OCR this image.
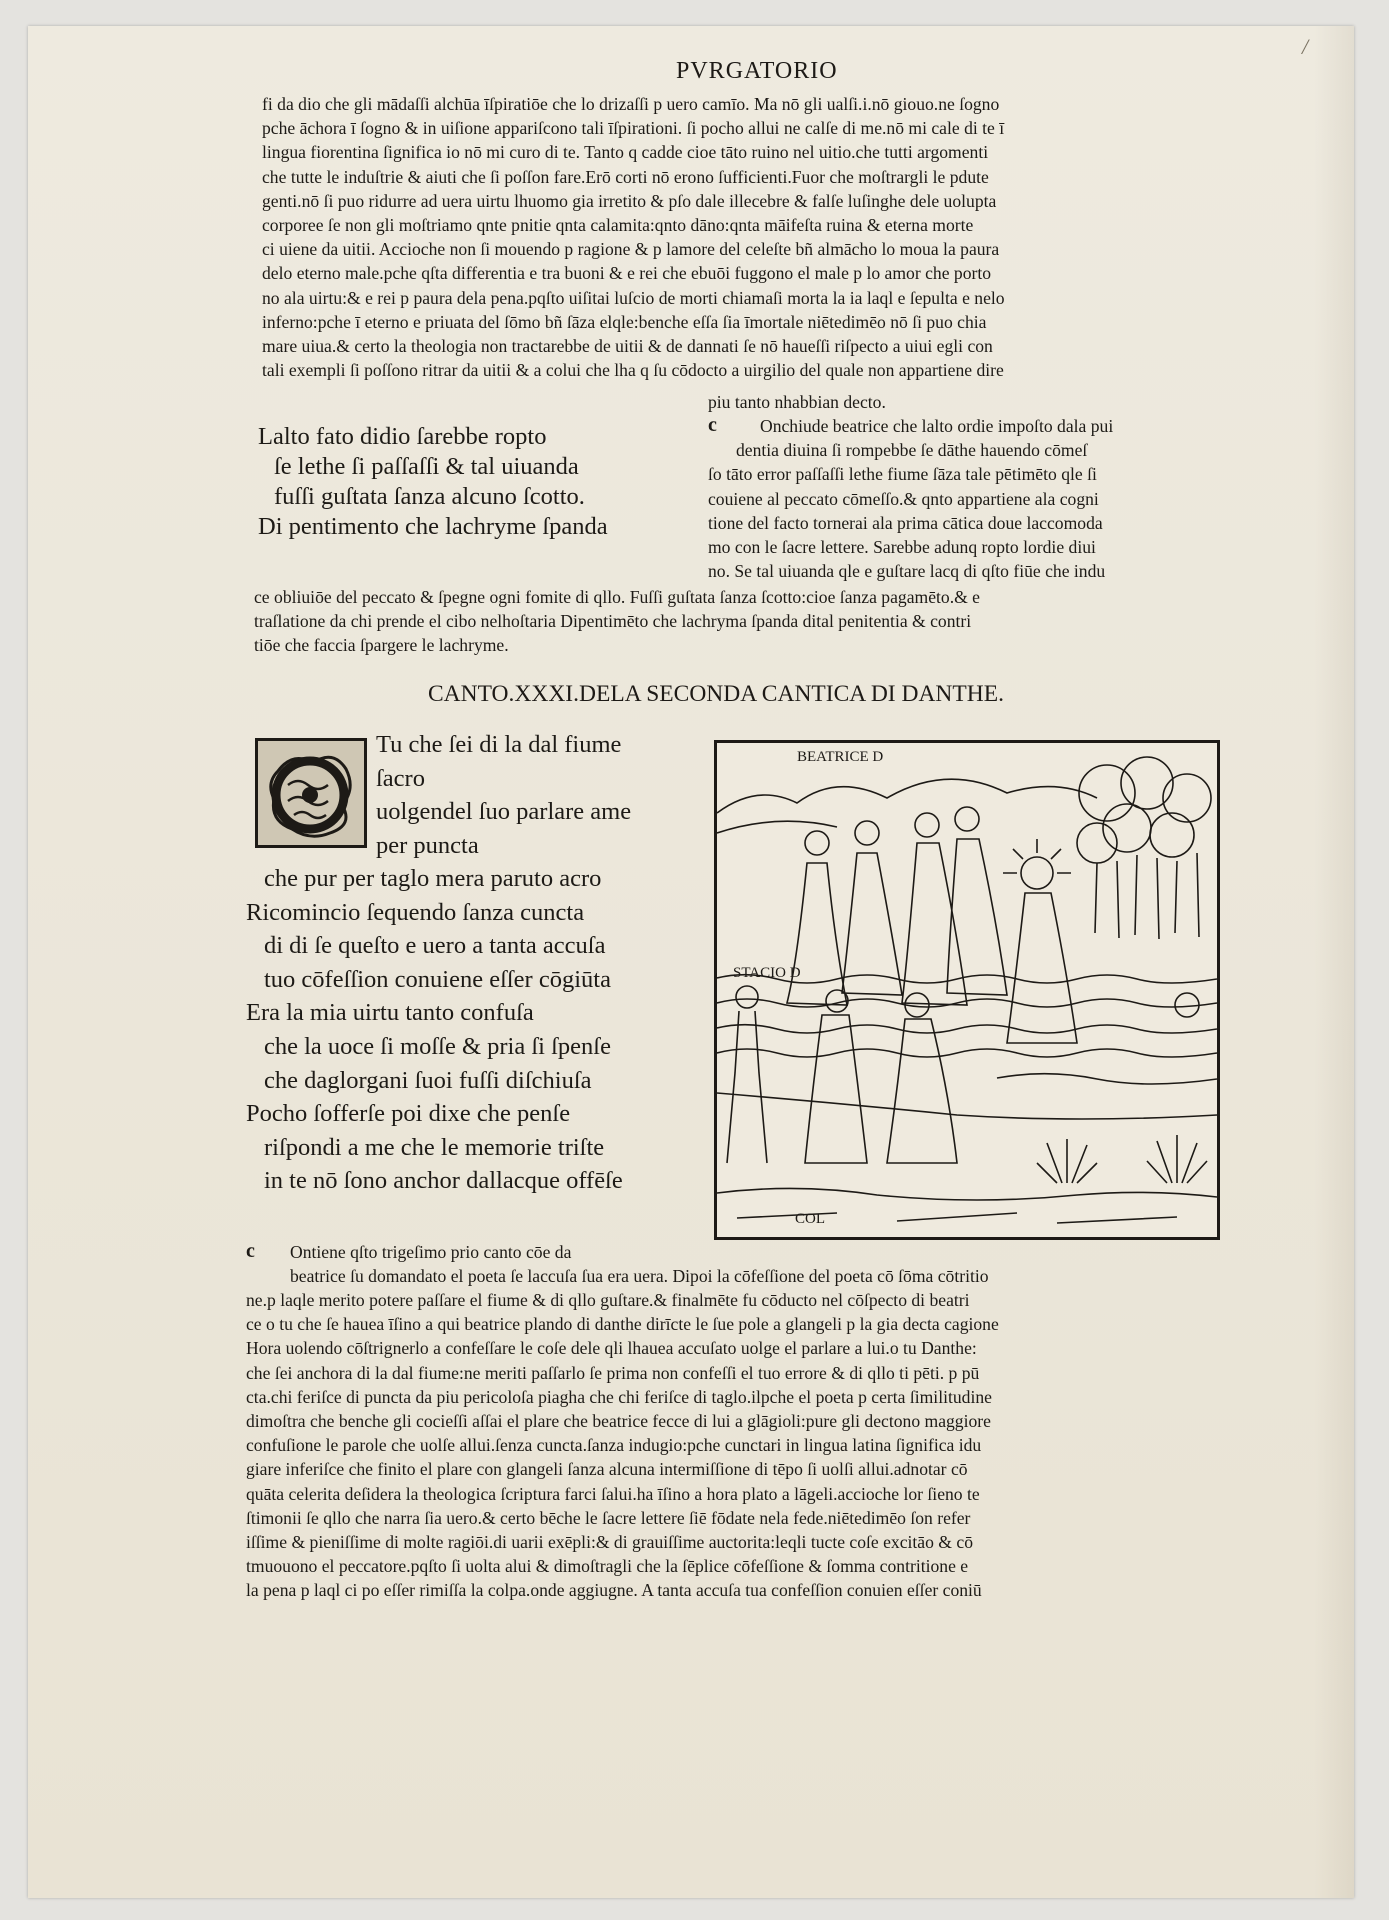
/
PVRGATORIO
fi da dio che gli mādaſſi alchūa īſpiratiōe che lo drizaſſi p uero camīo. Ma nō gli ualſi.i.nō giouo.ne ſogno
pche āchora ī ſogno & in uiſione appariſcono tali īſpirationi. ſi pocho allui ne calſe di me.nō mi cale di te ī
lingua fiorentina ſignifica io nō mi curo di te. Tanto q cadde cioe tāto ruino nel uitio.che tutti argomenti
che tutte le induſtrie & aiuti che ſi poſſon fare.Erō corti nō erono ſufficienti.Fuor che moſtrargli le pdute
genti.nō ſi puo ridurre ad uera uirtu lhuomo gia irretito & pſo dale illecebre & falſe luſinghe dele uolupta
corporee ſe non gli moſtriamo qnte pnitie qnta calamita:qnto dāno:qnta māifeſta ruina & eterna morte
ci uiene da uitii. Accioche non ſi mouendo p ragione & p lamore del celeſte bñ almācho lo moua la paura
delo eterno male.pche qſta differentia e tra buoni & e rei che ebuōi fuggono el male p lo amor che porto
no ala uirtu:& e rei p paura dela pena.pqſto uiſitai luſcio de morti chiamaſi morta la ia laql e ſepulta e nelo
inferno:pche ī eterno e priuata del ſōmo bñ ſāza elqle:benche eſſa ſia īmortale niētedimēo nō ſi puo chia
mare uiua.& certo la theologia non tractarebbe de uitii & de dannati ſe nō haueſſi riſpecto a uiui egli con
tali exempli ſi poſſono ritrar da uitii & a colui che lha q ſu cōdocto a uirgilio del quale non appartiene dire
piu tanto nhabbian decto.
Lalto fato didio ſarebbe ropto
ſe lethe ſi paſſaſſi & tal uiuanda
fuſſi guſtata ſanza alcuno ſcotto.
Di pentimento che lachryme ſpanda
c	Onchiude beatrice che lalto ordie impoſto dala pui
dentia diuina ſi rompebbe ſe dāthe hauendo cōmeſ
ſo tāto error paſſaſſi lethe fiume ſāza tale pētimēto qle ſi
couiene al peccato cōmeſſo.& qnto appartiene ala cogni
tione del facto tornerai ala prima cātica doue laccomoda
mo con le ſacre lettere. Sarebbe adunq ropto lordie diui
no. Se tal uiuanda qle e guſtare lacq di qſto fiūe che indu
ce obliuiōe del peccato & ſpegne ogni fomite di qllo. Fuſſi guſtata ſanza ſcotto:cioe ſanza pagamēto.& e
traſlatione da chi prende el cibo nelhoſtaria Dipentimēto che lachryma ſpanda dital penitentia & contri
tiōe che faccia ſpargere le lachryme.
CANTO.XXXI.DELA SECONDA CANTICA DI DANTHE.
Tu che ſei di la dal fiume
ſacro
uolgendel ſuo parlare ame
per puncta
che pur per taglo mera paruto acro
Ricomincio ſequendo ſanza cuncta
di di ſe queſto e uero a tanta accuſa
tuo cōfeſſion conuiene eſſer cōgiūta
Era la mia uirtu tanto confuſa
che la uoce ſi moſſe & pria ſi ſpenſe
che daglorgani ſuoi fuſſi diſchiuſa
Pocho ſofferſe poi dixe che penſe
riſpondi a me che le memorie triſte
in te nō ſono anchor dallacque offēſe
BEATRICE D
STACIO D
COL
c	Ontiene qſto trigeſimo prio canto cōe da
beatrice ſu domandato el poeta ſe laccuſa ſua era uera. Dipoi la cōfeſſione del poeta cō ſōma cōtritio
ne.p laqle merito potere paſſare el fiume & di qllo guſtare.& finalmēte fu cōducto nel cōſpecto di beatri
ce o tu che ſe hauea īſino a qui beatrice plando di danthe dirīcte le ſue pole a glangeli p la gia decta cagione
Hora uolendo cōſtrignerlo a confeſſare le coſe dele qli lhauea accuſato uolge el parlare a lui.o tu Danthe:
che ſei anchora di la dal fiume:ne meriti paſſarlo ſe prima non confeſſi el tuo errore & di qllo ti pēti. p pū
cta.chi feriſce di puncta da piu pericoloſa piagha che chi feriſce di taglo.ilpche el poeta p certa ſimilitudine
dimoſtra che benche gli cocieſſi aſſai el plare che beatrice fecce di lui a glāgioli:pure gli dectono maggiore
confuſione le parole che uolſe allui.ſenza cuncta.ſanza indugio:pche cunctari in lingua latina ſignifica idu
giare inferiſce che finito el plare con glangeli ſanza alcuna intermiſſione di tēpo ſi uolſi allui.adnotar cō
quāta celerita deſidera la theologica ſcriptura farci ſalui.ha īſino a hora plato a lāgeli.accioche lor ſieno te
ſtimonii ſe qllo che narra ſia uero.& certo bēche le ſacre lettere ſiē fōdate nela fede.niētedimēo ſon refer
iſſime & pieniſſime di molte ragiōi.di uarii exēpli:& di grauiſſime auctorita:leqli tucte coſe excitāo & cō
tmuouono el peccatore.pqſto ſi uolta alui & dimoſtragli che la ſēplice cōfeſſione & ſomma contritione e
la pena p laql ci po eſſer rimiſſa la colpa.onde aggiugne. A tanta accuſa tua confeſſion conuien eſſer coniū
